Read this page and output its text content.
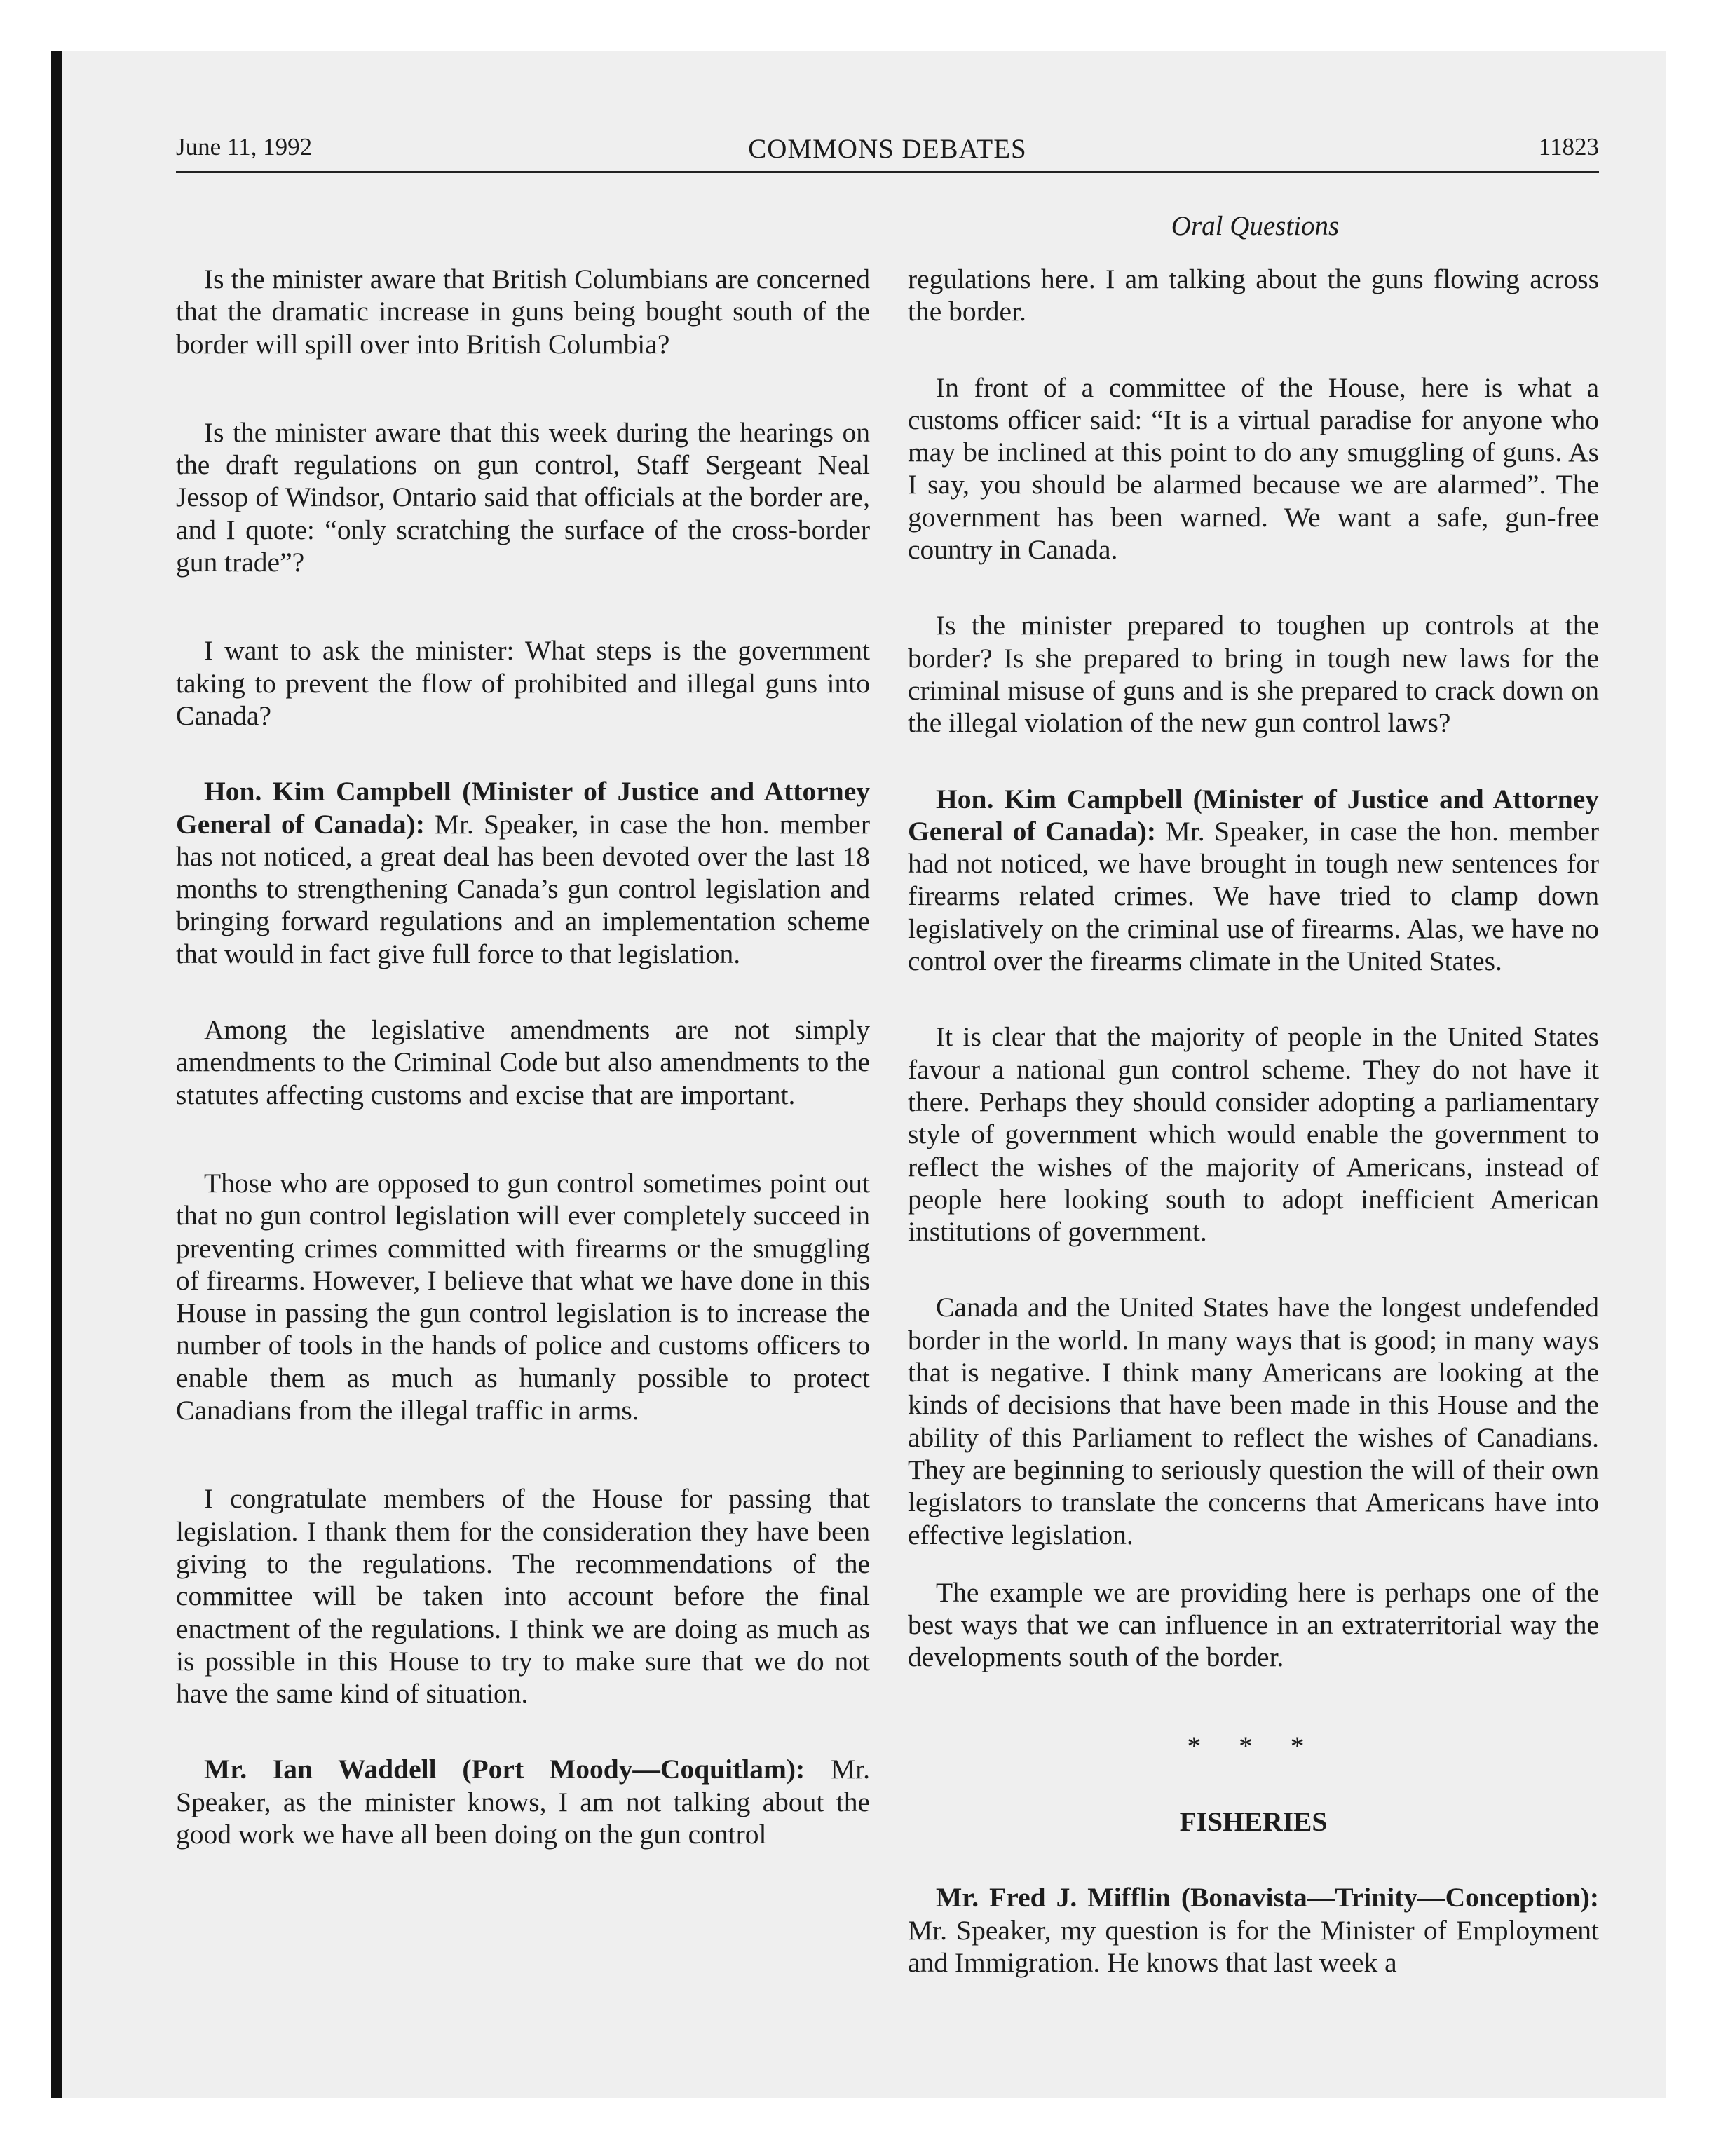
June 11, 1992	COMMONS DEBATES	11823
Oral Questions

Is the minister aware that British Columbians are concerned that the dramatic increase in guns being bought south of the border will spill over into British Columbia?

Is the minister aware that this week during the hearings on the draft regulations on gun control, Staff Sergeant Neal Jessop of Windsor, Ontario said that officials at the border are, and I quote: “only scratching the surface of the cross-border gun trade”?

I want to ask the minister: What steps is the government taking to prevent the flow of prohibited and illegal guns into Canada?

Hon. Kim Campbell (Minister of Justice and Attorney General of Canada): Mr. Speaker, in case the hon. member has not noticed, a great deal has been devoted over the last 18 months to strengthening Canada’s gun control legislation and bringing forward regulations and an implementation scheme that would in fact give full force to that legislation.

Among the legislative amendments are not simply amendments to the Criminal Code but also amendments to the statutes affecting customs and excise that are important.

Those who are opposed to gun control sometimes point out that no gun control legislation will ever completely succeed in preventing crimes committed with firearms or the smuggling of firearms. However, I believe that what we have done in this House in passing the gun control legislation is to increase the number of tools in the hands of police and customs officers to enable them as much as humanly possible to protect Canadians from the illegal traffic in arms.

I congratulate members of the House for passing that legislation. I thank them for the consideration they have been giving to the regulations. The recommendations of the committee will be taken into account before the final enactment of the regulations. I think we are doing as much as is possible in this House to try to make sure that we do not have the same kind of situation.

Mr. Ian Waddell (Port Moody—Coquitlam): Mr. Speaker, as the minister knows, I am not talking about the good work we have all been doing on the gun control

regulations here. I am talking about the guns flowing across the border.

In front of a committee of the House, here is what a customs officer said: “It is a virtual paradise for anyone who may be inclined at this point to do any smuggling of guns. As I say, you should be alarmed because we are alarmed”. The government has been warned. We want a safe, gun-free country in Canada.

Is the minister prepared to toughen up controls at the border? Is she prepared to bring in tough new laws for the criminal misuse of guns and is she prepared to crack down on the illegal violation of the new gun control laws?

Hon. Kim Campbell (Minister of Justice and Attorney General of Canada): Mr. Speaker, in case the hon. member had not noticed, we have brought in tough new sentences for firearms related crimes. We have tried to clamp down legislatively on the criminal use of firearms. Alas, we have no control over the firearms climate in the United States.

It is clear that the majority of people in the United States favour a national gun control scheme. They do not have it there. Perhaps they should consider adopting a parliamentary style of government which would enable the government to reflect the wishes of the majority of Americans, instead of people here looking south to adopt inefficient American institutions of government.

Canada and the United States have the longest undefended border in the world. In many ways that is good; in many ways that is negative. I think many Americans are looking at the kinds of decisions that have been made in this House and the ability of this Parliament to reflect the wishes of Canadians. They are beginning to seriously question the will of their own legislators to translate the concerns that Americans have into effective legislation.

The example we are providing here is perhaps one of the best ways that we can influence in an extraterritorial way the developments south of the border.

* * *

FISHERIES

Mr. Fred J. Mifflin (Bonavista—Trinity—Conception): Mr. Speaker, my question is for the Minister of Employment and Immigration. He knows that last week a
